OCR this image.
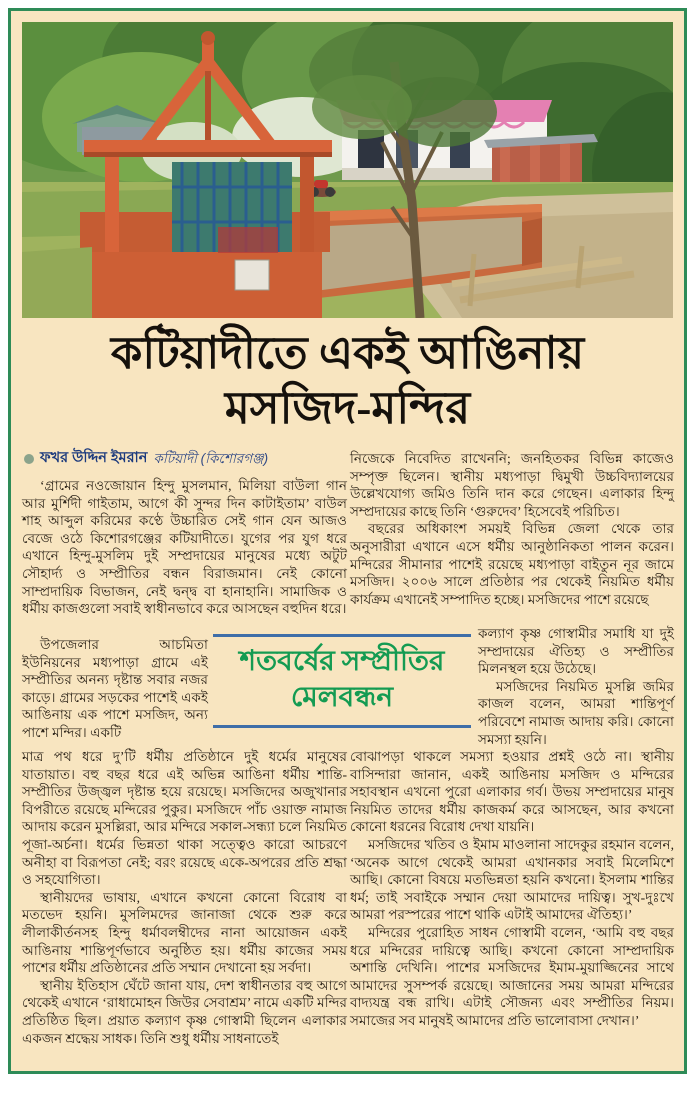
কটিয়াদীতে একই আঙিনায়
মসজিদ-মন্দির
ফখর উদ্দিন ইমরান কটিয়াদী (কিশোরগঞ্জ)

‘গ্রামের নওজোয়ান হিন্দু মুসলমান, মিলিয়া বাউলা গান আর মুর্শিদী গাইতাম, আগে কী সুন্দর দিন কাটাইতাম’ বাউল শাহ আব্দুল করিমের কণ্ঠে উচ্চারিত সেই গান যেন আজও বেজে ওঠে কিশোরগঞ্জের কটিয়াদীতে। যুগের পর যুগ ধরে এখানে হিন্দু-মুসলিম দুই সম্প্রদায়ের মানুষের মধ্যে অটুট সৌহার্দ্য ও সম্প্রীতির বন্ধন বিরাজমান। নেই কোনো সাম্প্রদায়িক বিভাজন, নেই দ্বন্দ্ব বা হানাহানি। সামাজিক ও ধর্মীয় কাজগুলো সবাই স্বাধীনভাবে করে আসছেন বহুদিন ধরে।

উপজেলার আচমিতা ইউনিয়নের মধ্যপাড়া গ্রামে এই সম্প্রীতির অনন্য দৃষ্টান্ত সবার নজর কাড়ে। গ্রামের সড়কের পাশেই একই আঙিনায় এক পাশে মসজিদ, অন্য পাশে মন্দির। একটি

শতবর্ষের সম্প্রীতির
মেলবন্ধন

মাত্র পথ ধরে দু’টি ধর্মীয় প্রতিষ্ঠানে দুই ধর্মের মানুষের যাতায়াত। বহু বছর ধরে এই অভিন্ন আঙিনা ধর্মীয় শান্তি-সম্প্রীতির উজ্জ্বল দৃষ্টান্ত হয়ে রয়েছে। মসজিদের অজুখানার বিপরীতে রয়েছে মন্দিরের পুকুর। মসজিদে পাঁচ ওয়াক্ত নামাজ আদায় করেন মুসল্লিরা, আর মন্দিরে সকাল-সন্ধ্যা চলে নিয়মিত পূজা-অর্চনা। ধর্মের ভিন্নতা থাকা সত্ত্বেও কারো আচরণে অনীহা বা বিরূপতা নেই; বরং রয়েছে একে-অপরের প্রতি শ্রদ্ধা ও সহযোগিতা।

স্থানীয়দের ভাষায়, এখানে কখনো কোনো বিরোধ বা মতভেদ হয়নি। মুসলিমদের জানাজা থেকে শুরু করে লীলাকীর্তনসহ হিন্দু ধর্মাবলম্বীদের নানা আয়োজন একই আঙিনায় শান্তিপূর্ণভাবে অনুষ্ঠিত হয়। ধর্মীয় কাজের সময় পাশের ধর্মীয় প্রতিষ্ঠানের প্রতি সম্মান দেখানো হয় সর্বদা।

স্থানীয় ইতিহাস ঘেঁটে জানা যায়, দেশ স্বাধীনতার বহু আগে থেকেই এখানে ‘রাধামোহন জিউর সেবাশ্রম’ নামে একটি মন্দির প্রতিষ্ঠিত ছিল। প্রয়াত কল্যাণ কৃষ্ণ গোস্বামী ছিলেন এলাকার একজন শ্রদ্ধেয় সাধক। তিনি শুধু ধর্মীয় সাধনাতেই

নিজেকে নিবেদিত রাখেননি; জনহিতকর বিভিন্ন কাজেও সম্পৃক্ত ছিলেন। স্থানীয় মধ্যপাড়া দ্বিমুখী উচ্চবিদ্যালয়ের উল্লেখযোগ্য জমিও তিনি দান করে গেছেন। এলাকার হিন্দু সম্প্রদায়ের কাছে তিনি ‘গুরুদেব’ হিসেবেই পরিচিত।

বছরের অধিকাংশ সময়ই বিভিন্ন জেলা থেকে তার অনুসারীরা এখানে এসে ধর্মীয় আনুষ্ঠানিকতা পালন করেন। মন্দিরের সীমানার পাশেই রয়েছে মধ্যপাড়া বাইতুন নূর জামে মসজিদ। ২০০৬ সালে প্রতিষ্ঠার পর থেকেই নিয়মিত ধর্মীয় কার্যক্রম এখানেই সম্পাদিত হচ্ছে। মসজিদের পাশে রয়েছে

কল্যাণ কৃষ্ণ গোস্বামীর সমাধি যা দুই সম্প্রদায়ের ঐতিহ্য ও সম্প্রীতির মিলনস্থল হয়ে উঠেছে।

মসজিদের নিয়মিত মুসল্লি জমির কাজল বলেন, আমরা শান্তিপূর্ণ পরিবেশে নামাজ আদায় করি। কোনো সমস্যা হয়নি।

বোঝাপড়া থাকলে সমস্যা হওয়ার প্রশ্নই ওঠে না। স্থানীয় বাসিন্দারা জানান, একই আঙিনায় মসজিদ ও মন্দিরের সহাবস্থান এখনো পুরো এলাকার গর্ব। উভয় সম্প্রদায়ের মানুষ নিয়মিত তাদের ধর্মীয় কাজকর্ম করে আসছেন, আর কখনো কোনো ধরনের বিরোধ দেখা যায়নি।

মসজিদের খতিব ও ইমাম মাওলানা সাদেকুর রহমান বলেন, ‘অনেক আগে থেকেই আমরা এখানকার সবাই মিলেমিশে আছি। কোনো বিষয়ে মতভিন্নতা হয়নি কখনো। ইসলাম শান্তির ধর্ম; তাই সবাইকে সম্মান দেয়া আমাদের দায়িত্ব। সুখ-দুঃখে আমরা পরস্পরের পাশে থাকি এটাই আমাদের ঐতিহ্য।’

মন্দিরের পুরোহিত সাধন গোস্বামী বলেন, ‘আমি বহু বছর ধরে মন্দিরের দায়িত্বে আছি। কখনো কোনো সাম্প্রদায়িক অশান্তি দেখিনি। পাশের মসজিদের ইমাম-মুয়াজ্জিনের সাথে আমাদের সুসম্পর্ক রয়েছে। আজানের সময় আমরা মন্দিরের বাদ্যযন্ত্র বন্ধ রাখি। এটাই সৌজন্য এবং সম্প্রীতির নিয়ম। সমাজের সব মানুষই আমাদের প্রতি ভালোবাসা দেখান।’
